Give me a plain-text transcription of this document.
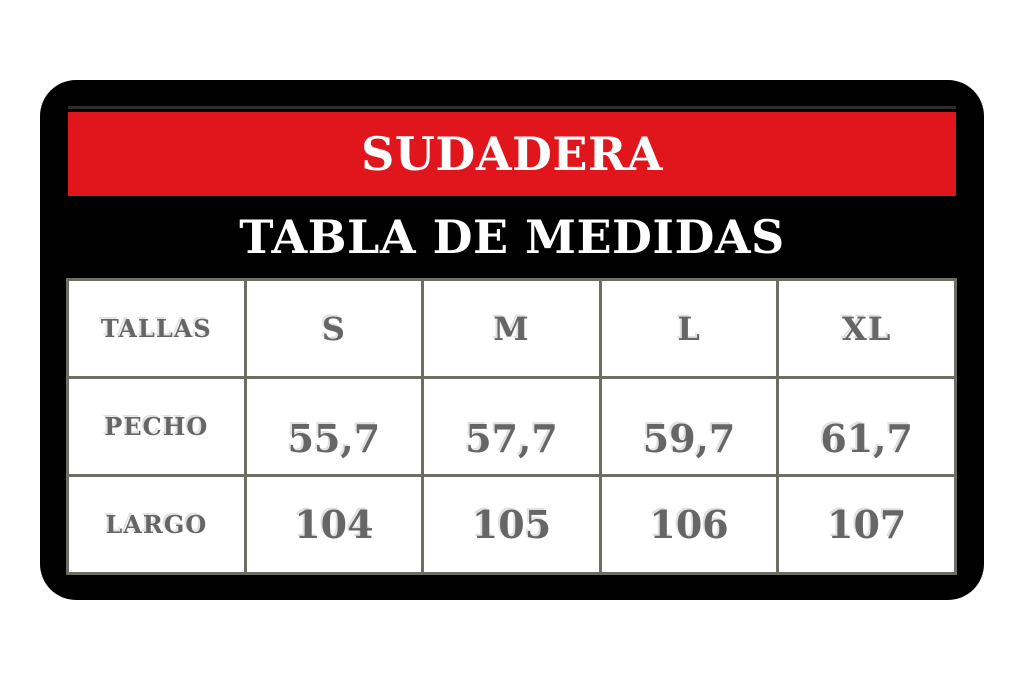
SUDADERA
TABLA DE MEDIDAS
TALLAS	S	M	L	XL
PECHO	55,7	57,7	59,7	61,7
LARGO	104	105	106	107
